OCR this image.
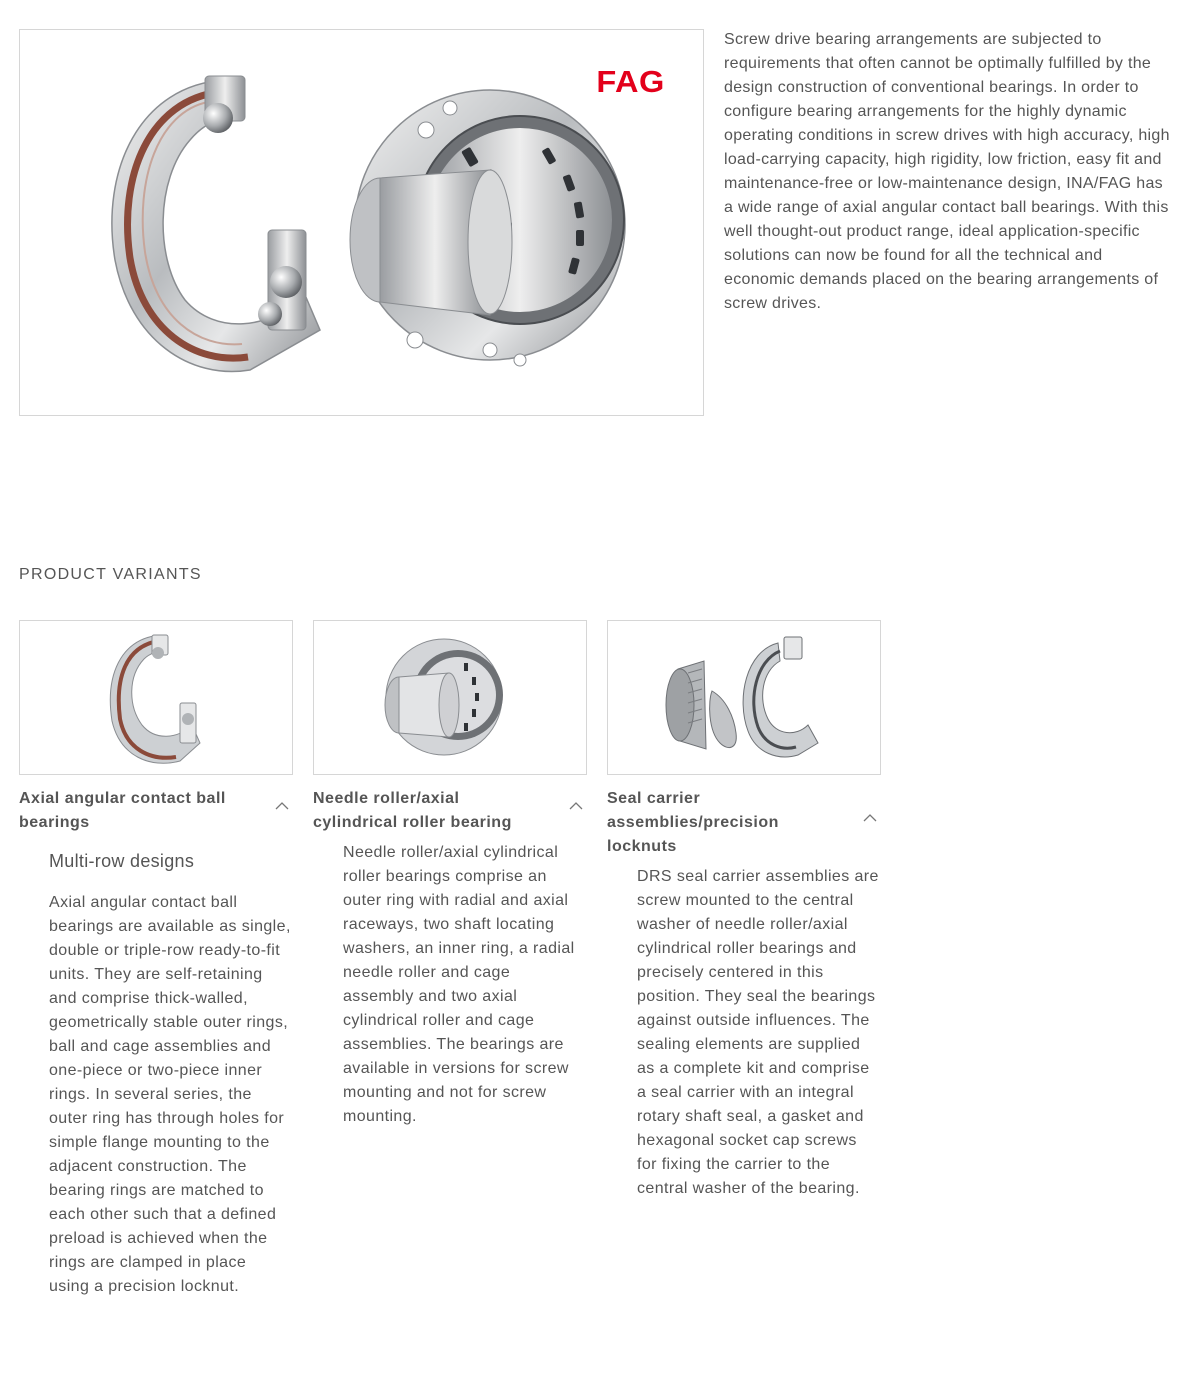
FAG

Screw drive bearing arrangements are subjected to requirements that often cannot be optimally fulfilled by the design construction of conventional bearings. In order to configure bearing arrangements for the highly dynamic operating conditions in screw drives with high accuracy, high load-carrying capacity, high rigidity, low friction, easy fit and maintenance-free or low-maintenance design, INA/FAG has a wide range of axial angular contact ball bearings. With this well thought-out product range, ideal application-specific solutions can now be found for all the technical and economic demands placed on the bearing arrangements of screw drives.

PRODUCT VARIANTS
Axial angular contact ball bearings
Multi-row designs

Axial angular contact ball bearings are available as single, double or triple-row ready-to-fit units. They are self-retaining and comprise thick-walled, geometrically stable outer rings, ball and cage assemblies and one-piece or two-piece inner rings. In several series, the outer ring has through holes for simple flange mounting to the adjacent construction. The bearing rings are matched to each other such that a defined preload is achieved when the rings are clamped in place using a precision locknut.

Needle roller/axial cylindrical roller bearing

Needle roller/axial cylindrical roller bearings comprise an outer ring with radial and axial raceways, two shaft locating washers, an inner ring, a radial needle roller and cage assembly and two axial cylindrical roller and cage assemblies. The bearings are available in versions for screw mounting and not for screw mounting.

Seal carrier assemblies/precision locknuts

DRS seal carrier assemblies are screw mounted to the central washer of needle roller/axial cylindrical roller bearings and precisely centered in this position. They seal the bearings against outside influences. The sealing elements are supplied as a complete kit and comprise a seal carrier with an integral rotary shaft seal, a gasket and hexagonal socket cap screws for fixing the carrier to the central washer of the bearing.
